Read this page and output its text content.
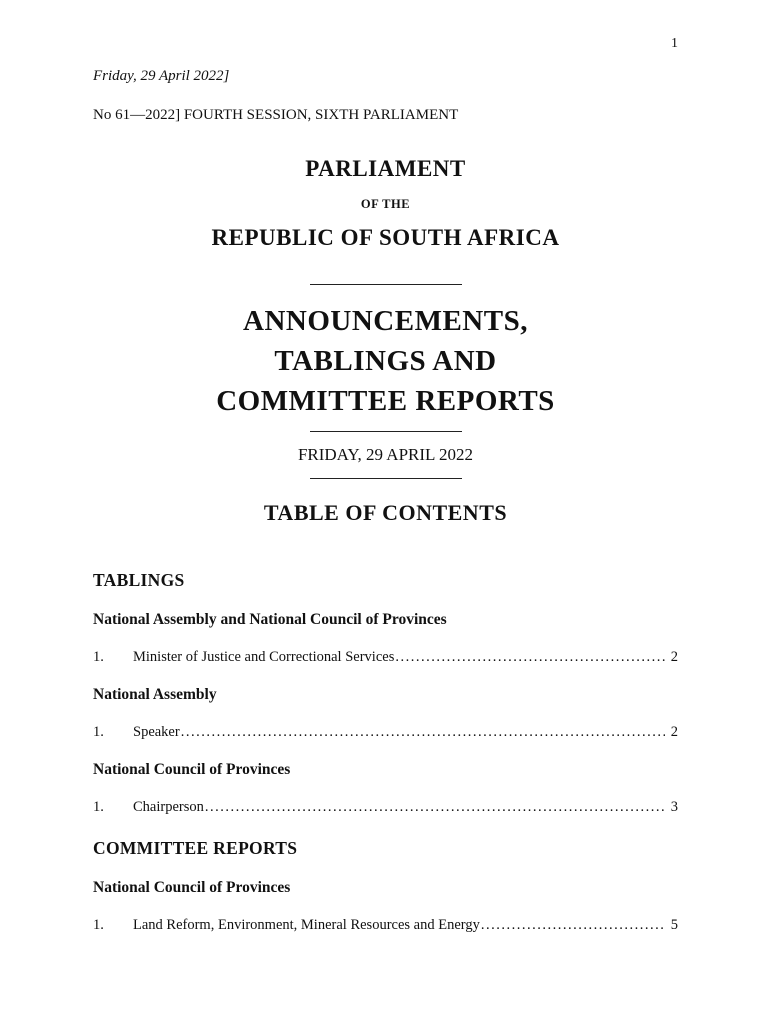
1
Friday, 29 April 2022]
No 61—2022] FOURTH SESSION, SIXTH PARLIAMENT
PARLIAMENT
OF THE
REPUBLIC OF SOUTH AFRICA
ANNOUNCEMENTS,
TABLINGS AND
COMMITTEE REPORTS
FRIDAY, 29 APRIL 2022
TABLE OF CONTENTS
TABLINGS
National Assembly and National Council of Provinces
1.	Minister of Justice and Correctional Services .....	2
National Assembly
1.	Speaker .....	2
National Council of Provinces
1.	Chairperson .....	3
COMMITTEE REPORTS
National Council of Provinces
1.	Land Reform, Environment, Mineral Resources and Energy .....	5
